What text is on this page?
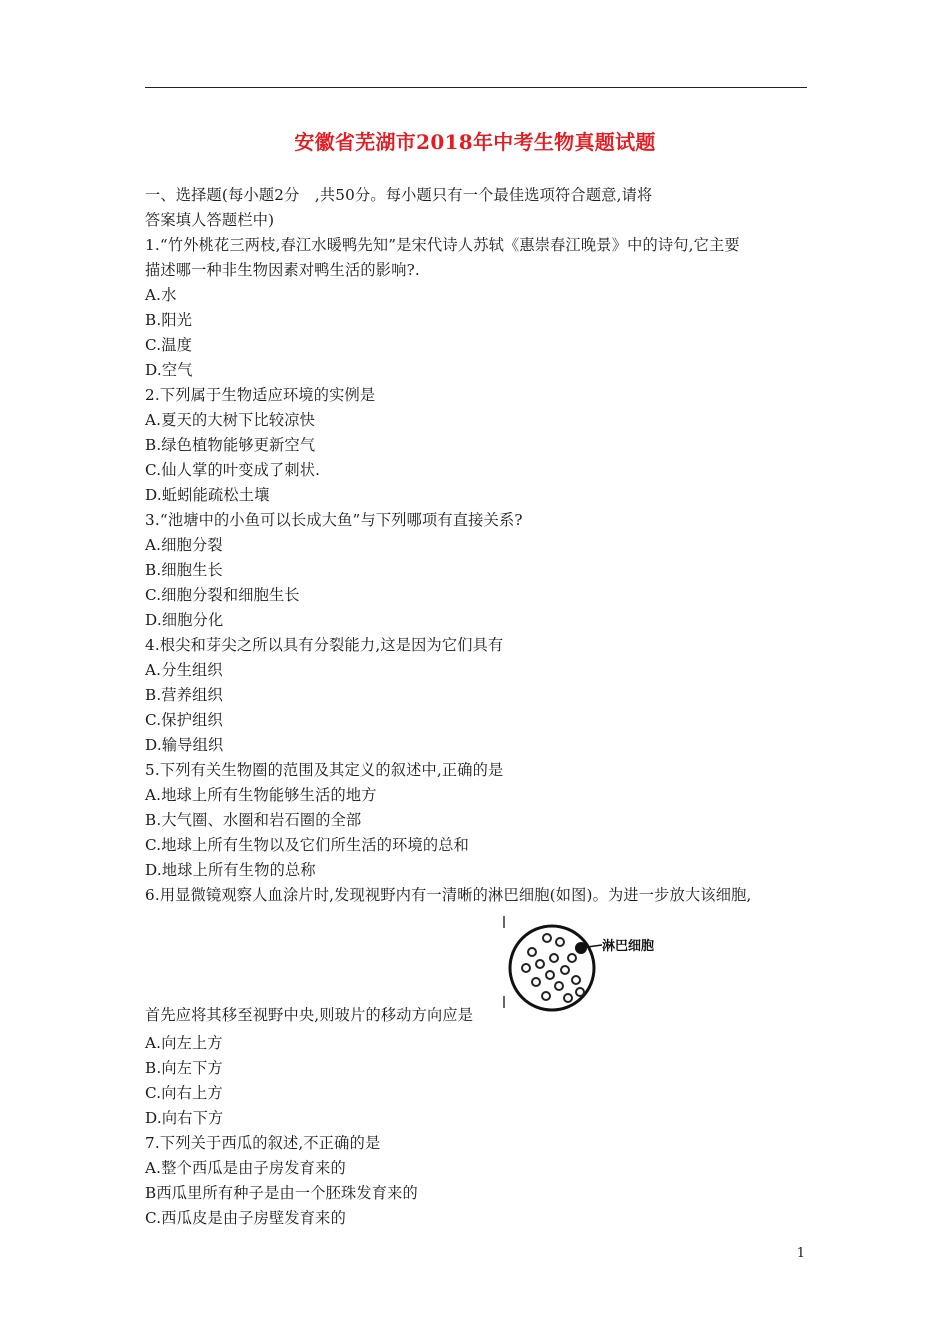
安徽省芜湖市2018年中考生物真题试题
一、选择题(每小题2分　,共50分。每小题只有一个最佳选项符合题意,请将
答案填人答题栏中)
1.“竹外桃花三两枝,春江水暖鸭先知”是宋代诗人苏轼《惠崇春江晚景》中的诗句,它主要
描述哪一种非生物因素对鸭生活的影响?.
A.水
B.阳光
C.温度
D.空气
2.下列属于生物适应环境的实例是
A.夏天的大树下比较凉快
B.绿色植物能够更新空气
C.仙人掌的叶变成了刺状.
D.蚯蚓能疏松土壤
3.“池塘中的小鱼可以长成大鱼”与下列哪项有直接关系?
A.细胞分裂
B.细胞生长
C.细胞分裂和细胞生长
D.细胞分化
4.根尖和芽尖之所以具有分裂能力,这是因为它们具有
A.分生组织
B.营养组织
C.保护组织
D.输导组织
5.下列有关生物圈的范围及其定义的叙述中,正确的是
A.地球上所有生物能够生活的地方
B.大气圈、水圈和岩石圈的全部
C.地球上所有生物以及它们所生活的环境的总和
D.地球上所有生物的总称
6.用显微镜观察人血涂片时,发现视野内有一清晰的淋巴细胞(如图)。为进一步放大该细胞,
淋巴细胞
首先应将其移至视野中央,则玻片的移动方向应是
A.向左上方
B.向左下方
C.向右上方
D.向右下方
7.下列关于西瓜的叙述,不正确的是
A.整个西瓜是由子房发育来的
B西瓜里所有种子是由一个胚珠发育来的
C.西瓜皮是由子房壁发育来的
1
